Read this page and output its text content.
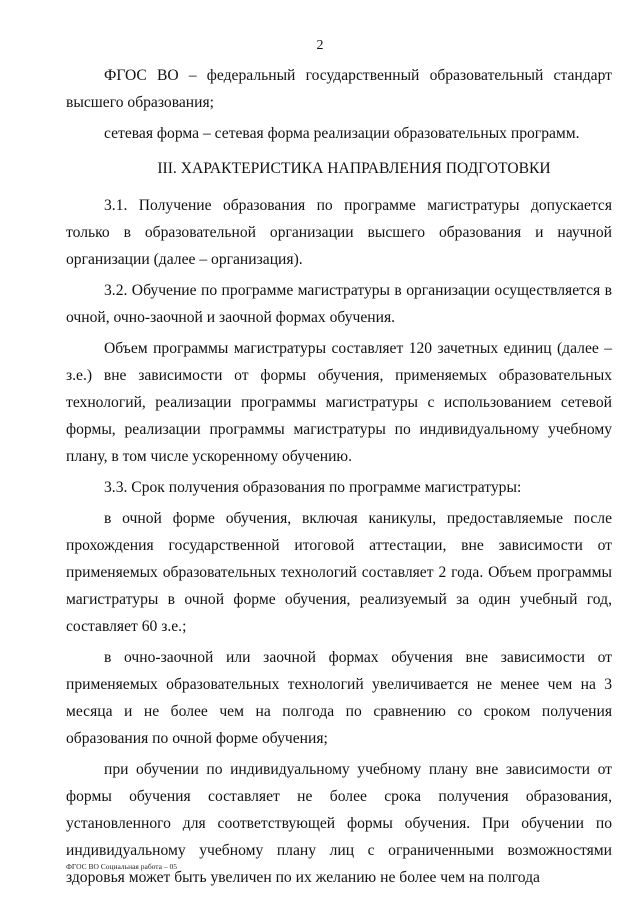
2

ФГОС ВО – федеральный государственный образовательный стандарт высшего образования;

сетевая форма – сетевая форма реализации образовательных программ.

III. ХАРАКТЕРИСТИКА НАПРАВЛЕНИЯ ПОДГОТОВКИ

3.1. Получение образования по программе магистратуры допускается только в образовательной организации высшего образования и научной организации (далее – организация).

3.2. Обучение по программе магистратуры в организации осуществляется в очной, очно-заочной и заочной формах обучения.

Объем программы магистратуры составляет 120 зачетных единиц (далее – з.е.) вне зависимости от формы обучения, применяемых образовательных технологий, реализации программы магистратуры с использованием сетевой формы, реализации программы магистратуры по индивидуальному учебному плану, в том числе ускоренному обучению.

3.3. Срок получения образования по программе магистратуры:

в очной форме обучения, включая каникулы, предоставляемые после прохождения государственной итоговой аттестации, вне зависимости от применяемых образовательных технологий составляет 2 года. Объем программы магистратуры в очной форме обучения, реализуемый за один учебный год, составляет 60 з.е.;

в очно-заочной или заочной формах обучения вне зависимости от применяемых образовательных технологий увеличивается не менее чем на 3 месяца и не более чем на полгода по сравнению со сроком получения образования по очной форме обучения;

при обучении по индивидуальному учебному плану вне зависимости от формы обучения составляет не более срока получения образования, установленного для соответствующей формы обучения. При обучении по индивидуальному учебному плану лиц с ограниченными возможностями здоровья может быть увеличен по их желанию не более чем на полгода

ФГОС ВО Социальная работа – 05
